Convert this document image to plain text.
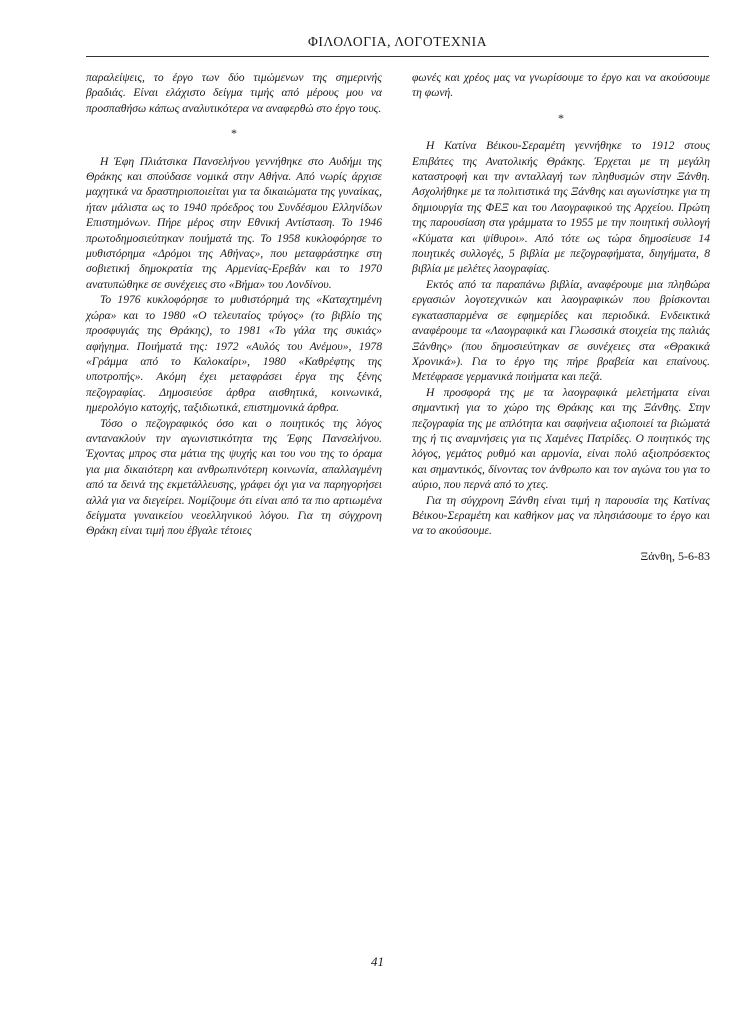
ΦΙΛΟΛΟΓΙΑ, ΛΟΓΟΤΕΧΝΙΑ

παραλείψεις, το έργο των δύο τιμώμενων της σημερινής βραδιάς. Είναι ελάχιστο δείγμα τιμής από μέρους μου να προσπαθήσω κάπως αναλυτικότερα να αναφερθώ στο έργο τους.

*

Η Έφη Πλιάτσικα Πανσελήνου γεννήθηκε στο Αυδήμι της Θράκης και σπούδασε νομικά στην Αθήνα. Από νωρίς άρχισε μαχητικά να δραστηριοποιείται για τα δικαιώματα της γυναίκας, ήταν μάλιστα ως το 1940 πρόεδρος του Συνδέσμου Ελληνίδων Επιστημόνων. Πήρε μέρος στην Εθνική Αντίσταση. Το 1946 πρωτοδημοσιεύτηκαν ποιήματά της. Το 1958 κυκλοφόρησε το μυθιστόρημα «Δρόμοι της Αθήνας», που μεταφράστηκε στη σοβιετική δημοκρατία της Αρμενίας-Ερεβάν και το 1970 ανατυπώθηκε σε συνέχειες στο «Βήμα» του Λονδίνου.

Το 1976 κυκλοφόρησε το μυθιστόρημά της «Καταχτημένη χώρα» και το 1980 «Ο τελευταίος τρύγος» (το βιβλίο της προσφυγιάς της Θράκης), το 1981 «Το γάλα της συκιάς» αφήγημα. Ποιήματά της: 1972 «Αυλός του Ανέμου», 1978 «Γράμμα από το Καλοκαίρι», 1980 «Καθρέφτης της υποτροπής». Ακόμη έχει μεταφράσει έργα της ξένης πεζογραφίας. Δημοσιεύσε άρθρα αισθητικά, κοινωνικά, ημερολόγιο κατοχής, ταξιδιωτικά, επιστημονικά άρθρα.

Τόσο ο πεζογραφικός όσο και ο ποιητικός της λόγος αντανακλούν την αγωνιστικότητα της Έφης Πανσελήνου. Έχοντας μπρος στα μάτια της ψυχής και του νου της το όραμα για μια δικαιότερη και ανθρωπινότερη κοινωνία, απαλλαγμένη από τα δεινά της εκμετάλλευσης, γράφει όχι για να παρηγορήσει αλλά για να διεγείρει. Νομίζουμε ότι είναι από τα πιο αρτιωμένα δείγματα γυναικείου νεοελληνικού λόγου. Για τη σύγχρονη Θράκη είναι τιμή που έβγαλε τέτοιες

φωνές και χρέος μας να γνωρίσουμε το έργο και να ακούσουμε τη φωνή.

*

Η Κατίνα Βέικου-Σεραμέτη γεννήθηκε το 1912 στους Επιβάτες της Ανατολικής Θράκης. Έρχεται με τη μεγάλη καταστροφή και την ανταλλαγή των πληθυσμών στην Ξάνθη. Ασχολήθηκε με τα πολιτιστικά της Ξάνθης και αγωνίστηκε για τη δημιουργία της ΦΕΞ και του Λαογραφικού της Αρχείου. Πρώτη της παρουσίαση στα γράμματα το 1955 με την ποιητική συλλογή «Κύματα και ψίθυροι». Από τότε ως τώρα δημοσίευσε 14 ποιητικές συλλογές, 5 βιβλία με πεζογραφήματα, διηγήματα, 8 βιβλία με μελέτες λαογραφίας.

Εκτός από τα παραπάνω βιβλία, αναφέρουμε μια πληθώρα εργασιών λογοτεχνικών και λαογραφικών που βρίσκονται εγκατασπαρμένα σε εφημερίδες και περιοδικά. Ενδεικτικά αναφέρουμε τα «Λαογραφικά και Γλωσσικά στοιχεία της παλιάς Ξάνθης» (που δημοσιεύτηκαν σε συνέχειες στα «Θρακικά Χρονικά»). Για το έργο της πήρε βραβεία και επαίνους. Μετέφρασε γερμανικά ποιήματα και πεζά.

Η προσφορά της με τα λαογραφικά μελετήματα είναι σημαντική για το χώρο της Θράκης και της Ξάνθης. Στην πεζογραφία της με απλότητα και σαφήνεια αξιοποιεί τα βιώματά της ή τις αναμνήσεις για τις Χαμένες Πατρίδες. Ο ποιητικός της λόγος, γεμάτος ρυθμό και αρμονία, είναι πολύ αξιοπρόσεκτος και σημαντικός, δίνοντας τον άνθρωπο και τον αγώνα του για το αύριο, που περνά από το χτες.

Για τη σύγχρονη Ξάνθη είναι τιμή η παρουσία της Κατίνας Βέικου-Σεραμέτη και καθήκον μας να πλησιάσουμε το έργο και να το ακούσουμε.

Ξάνθη, 5-6-83
41
